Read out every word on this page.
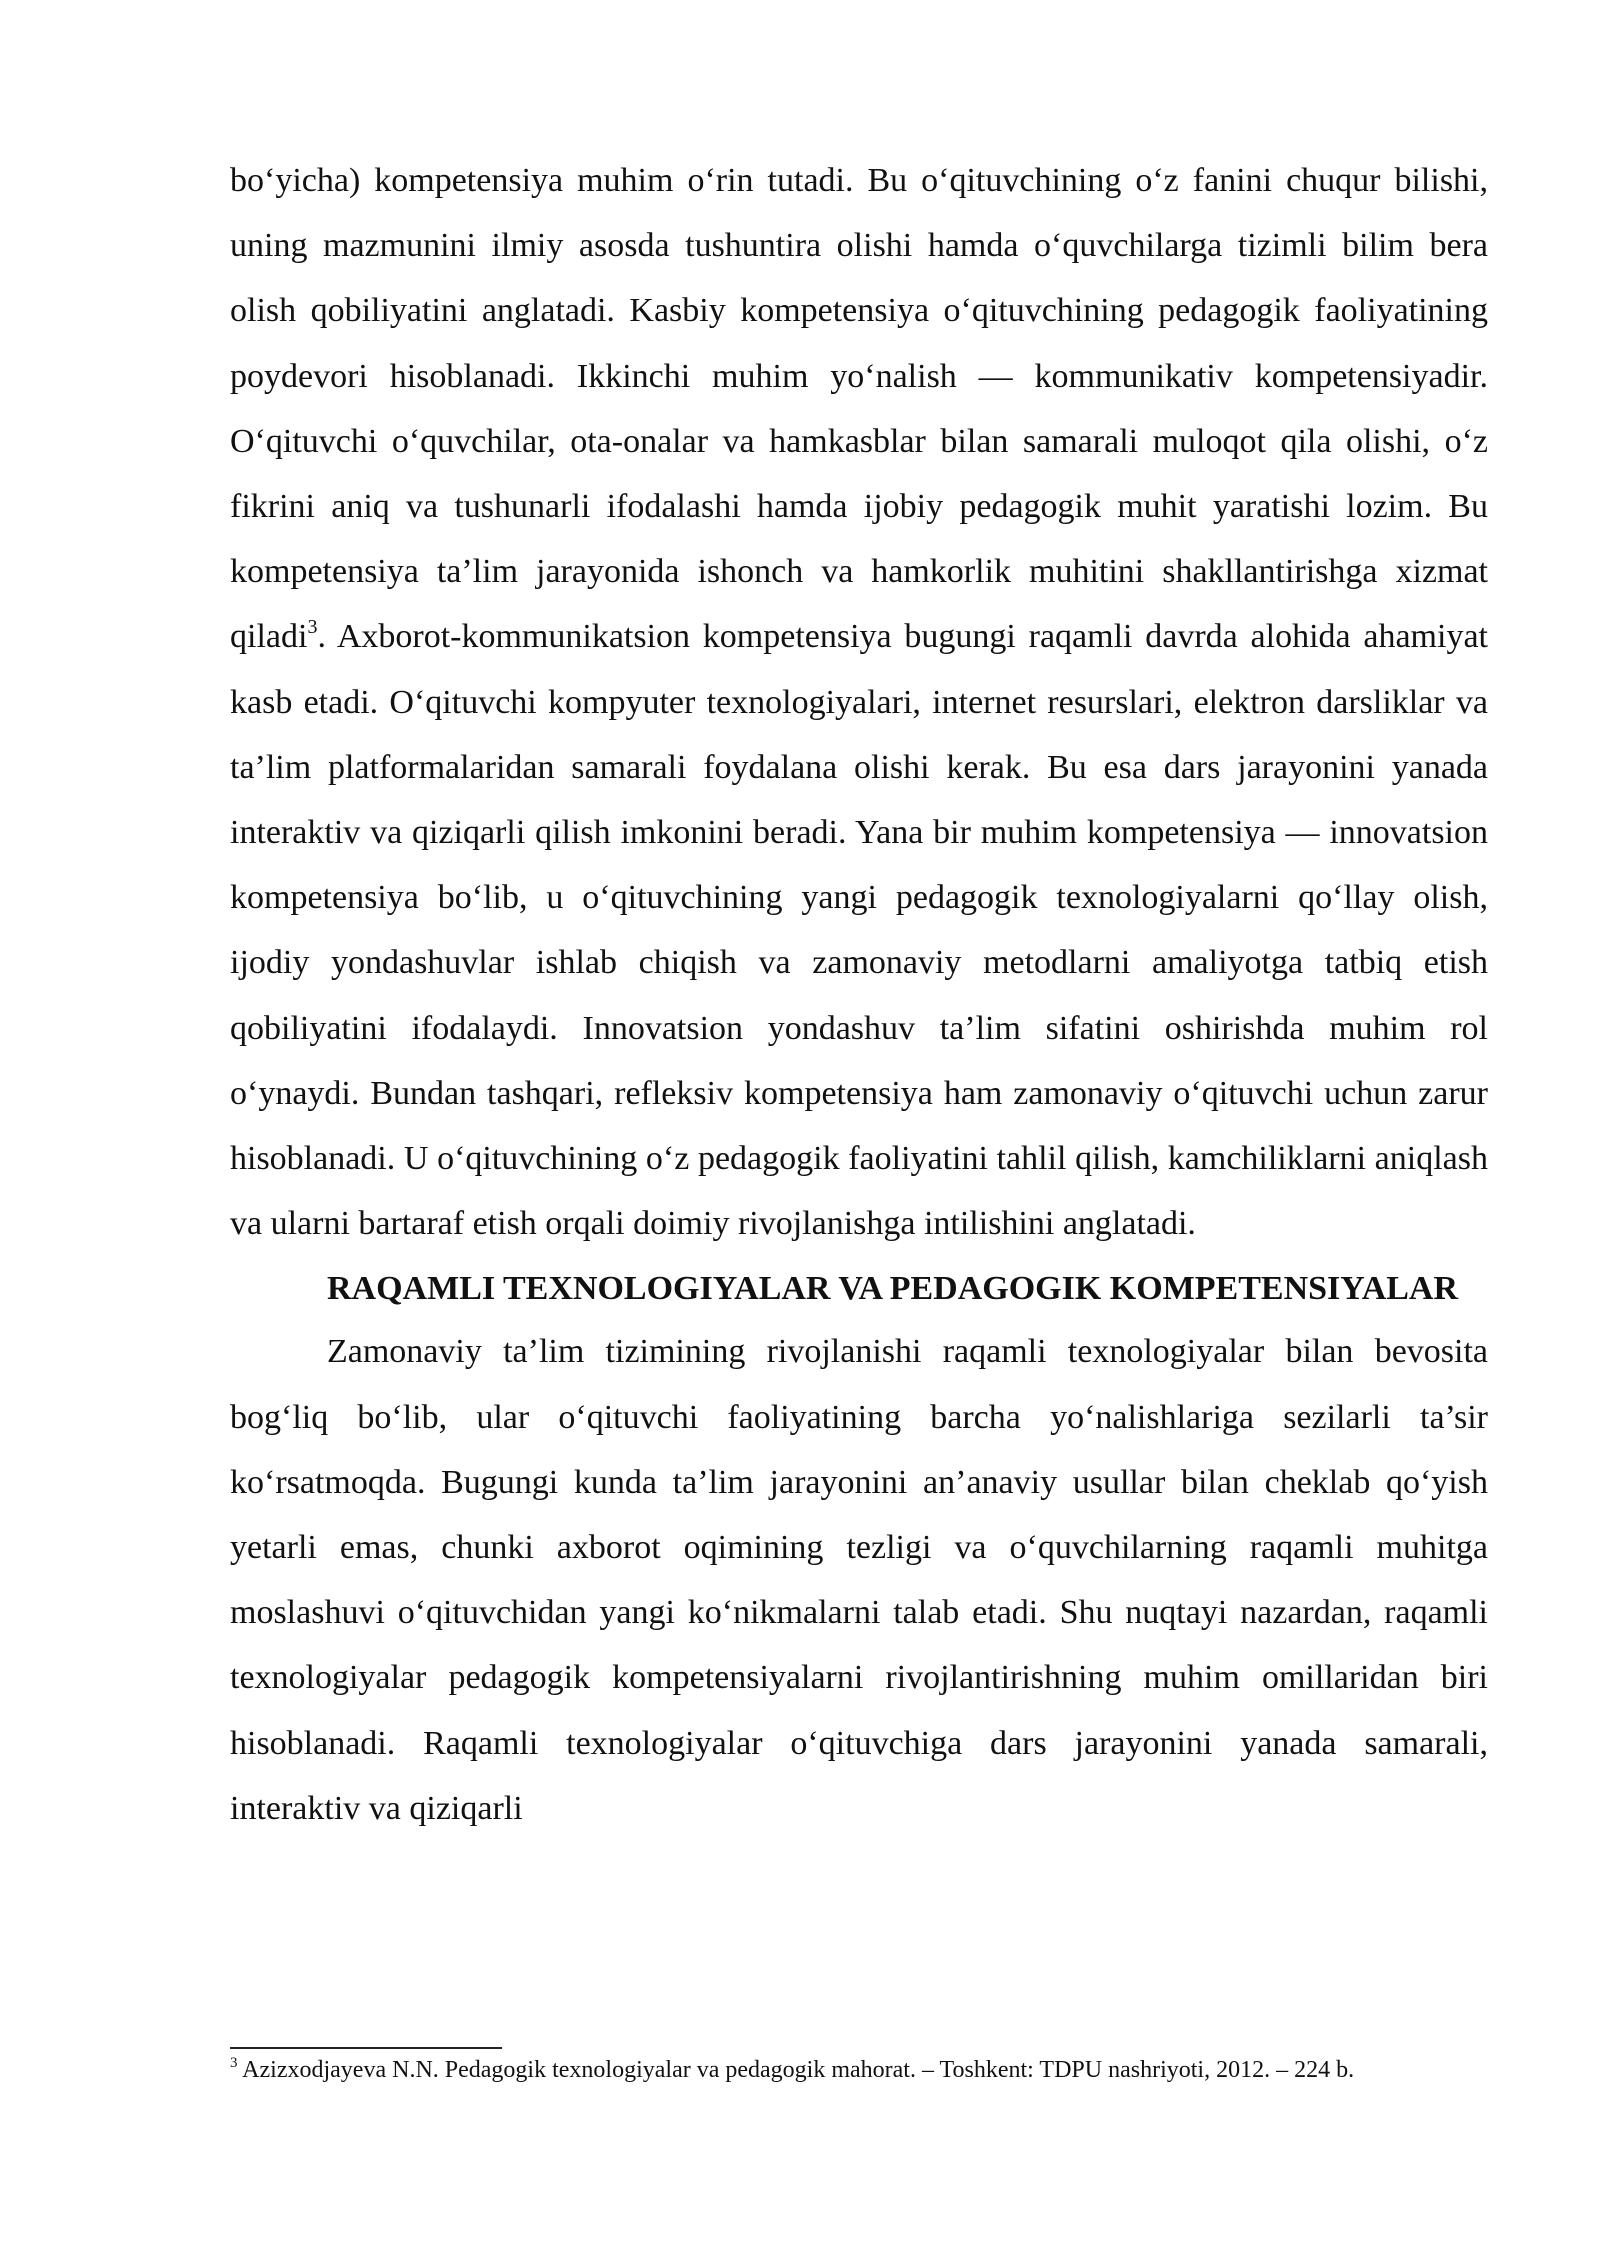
bo‘yicha) kompetensiya muhim o‘rin tutadi. Bu o‘qituvchining o‘z fanini chuqur bilishi, uning mazmunini ilmiy asosda tushuntira olishi hamda o‘quvchilarga tizimli bilim bera olish qobiliyatini anglatadi. Kasbiy kompetensiya o‘qituvchining pedagogik faoliyatining poydevori hisoblanadi. Ikkinchi muhim yo‘nalish — kommunikativ kompetensiyadir. O‘qituvchi o‘quvchilar, ota-onalar va hamkasblar bilan samarali muloqot qila olishi, o‘z fikrini aniq va tushunarli ifodalashi hamda ijobiy pedagogik muhit yaratishi lozim. Bu kompetensiya ta’lim jarayonida ishonch va hamkorlik muhitini shakllantirishga xizmat qiladi$^3$. Axborot-kommunikatsion kompetensiya bugungi raqamli davrda alohida ahamiyat kasb etadi. O‘qituvchi kompyuter texnologiyalari, internet resurslari, elektron darsliklar va ta’lim platformalaridan samarali foydalana olishi kerak. Bu esa dars jarayonini yanada interaktiv va qiziqarli qilish imkonini beradi. Yana bir muhim kompetensiya — innovatsion kompetensiya bo‘lib, u o‘qituvchining yangi pedagogik texnologiyalarni qo‘llay olish, ijodiy yondashuvlar ishlab chiqish va zamonaviy metodlarni amaliyotga tatbiq etish qobiliyatini ifodalaydi. Innovatsion yondashuv ta’lim sifatini oshirishda muhim rol o‘ynaydi. Bundan tashqari, refleksiv kompetensiya ham zamonaviy o‘qituvchi uchun zarur hisoblanadi. U o‘qituvchining o‘z pedagogik faoliyatini tahlil qilish, kamchiliklarni aniqlash va ularni bartaraf etish orqali doimiy rivojlanishga intilishini anglatadi.

RAQAMLI TEXNOLOGIYALAR VA PEDAGOGIK KOMPETENSIYALAR

Zamonaviy ta’lim tizimining rivojlanishi raqamli texnologiyalar bilan bevosita bog‘liq bo‘lib, ular o‘qituvchi faoliyatining barcha yo‘nalishlariga sezilarli ta’sir ko‘rsatmoqda. Bugungi kunda ta’lim jarayonini an’anaviy usullar bilan cheklab qo‘yish yetarli emas, chunki axborot oqimining tezligi va o‘quvchilarning raqamli muhitga moslashuvi o‘qituvchidan yangi ko‘nikmalarni talab etadi. Shu nuqtayi nazardan, raqamli texnologiyalar pedagogik kompetensiyalarni rivojlantirishning muhim omillaridan biri hisoblanadi. Raqamli texnologiyalar o‘qituvchiga dars jarayonini yanada samarali, interaktiv va qiziqarli

$^3$ Azizxodjayeva N.N. Pedagogik texnologiyalar va pedagogik mahorat. – Toshkent: TDPU nashriyoti, 2012. – 224 b.
